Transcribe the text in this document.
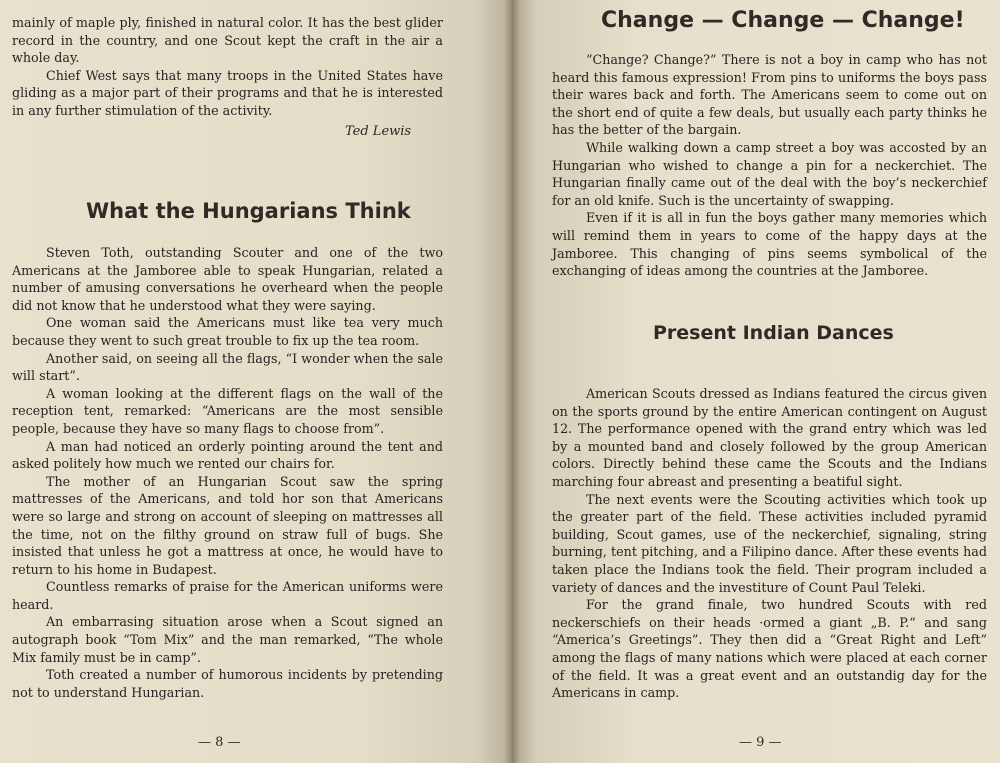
mainly of maple ply, finished in natural color. It has the best glider record in the country, and one Scout kept the craft in the air a whole day.

Chief West says that many troops in the United States have gliding as a major part of their programs and that he is interested in any further stimulation of the activity.

Ted Lewis
What the Hungarians Think

Steven Toth, outstanding Scouter and one of the two Americans at the Jamboree able to speak Hungarian, related a number of amusing conversations he overheard when the people did not know that he understood what they were saying.

One woman said the Americans must like tea very much because they went to such great trouble to fix up the tea room.

Another said, on seeing all the flags, “I wonder when the sale will start”.

A woman looking at the different flags on the wall of the reception tent, remarked: “Americans are the most sensible people, because they have so many flags to choose from”.

A man had noticed an orderly pointing around the tent and asked politely how much we rented our chairs for.

The mother of an Hungarian Scout saw the spring mattresses of the Americans, and told hor son that Americans were so large and strong on account of sleeping on mattresses all the time, not on the filthy ground on straw full of bugs. She insisted that unless he got a mattress at once, he would have to return to his home in Budapest.

Countless remarks of praise for the American uniforms were heard.

An embarrasing situation arose when a Scout signed an autograph book “Tom Mix” and the man remarked, “The whole Mix family must be in camp”.

Toth created a number of humorous incidents by pretending not to understand Hungarian.

— 8 —
Change — Change — Change!

“Change? Change?” There is not a boy in camp who has not heard this famous expression! From pins to uniforms the boys pass their wares back and forth. The Americans seem to come out on the short end of quite a few deals, but usually each party thinks he has the better of the bargain.

While walking down a camp street a boy was accosted by an Hungarian who wished to change a pin for a neckerchiet. The Hungarian finally came out of the deal with the boy’s neckerchief for an old knife. Such is the uncertainty of swapping.

Even if it is all in fun the boys gather many memories which will remind them in years to come of the happy days at the Jamboree. This changing of pins seems symbolical of the exchanging of ideas among the countries at the Jamboree.

Present Indian Dances

American Scouts dressed as Indians featured the circus given on the sports ground by the entire American contingent on August 12. The performance opened with the grand entry which was led by a mounted band and closely followed by the group American colors. Directly behind these came the Scouts and the Indians marching four abreast and presenting a beatiful sight.

The next events were the Scouting activities which took up the greater part of the field. These activities included pyramid building, Scout games, use of the neckerchief, signaling, string burning, tent pitching, and a Filipino dance. After these events had taken place the Indians took the field. Their program included a variety of dances and the investiture of Count Paul Teleki.

For the grand finale, two hundred Scouts with red neckerschiefs on their heads ·ormed a giant „B. P.“ and sang “America’s Greetings”. They then did a “Great Right and Left” among the flags of many nations which were placed at each corner of the field. It was a great event and an outstandig day for the Americans in camp.

— 9 —
